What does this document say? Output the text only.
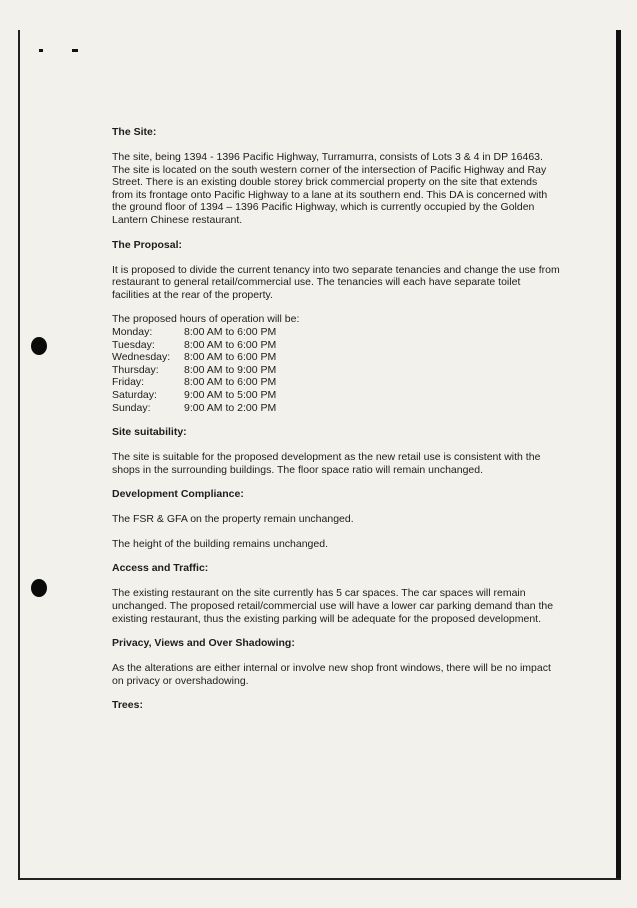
The Site:

The site, being 1394 - 1396 Pacific Highway, Turramurra, consists of Lots 3 & 4 in DP 16463. The site is located on the south western corner of the intersection of Pacific Highway and Ray Street. There is an existing double storey brick commercial property on the site that extends from its frontage onto Pacific Highway to a lane at its southern end. This DA is concerned with the ground floor of 1394 – 1396 Pacific Highway, which is currently occupied by the Golden Lantern Chinese restaurant.

The Proposal:

It is proposed to divide the current tenancy into two separate tenancies and change the use from restaurant to general retail/commercial use. The tenancies will each have separate toilet facilities at the rear of the property.

The proposed hours of operation will be:

Monday:	8:00 AM to 6:00 PM
Tuesday:	8:00 AM to 6:00 PM
Wednesday:	8:00 AM to 6:00 PM
Thursday:	8:00 AM to 9:00 PM
Friday:	8:00 AM to 6:00 PM
Saturday:	9:00 AM to 5:00 PM
Sunday:	9:00 AM to 2:00 PM
Site suitability:

The site is suitable for the proposed development as the new retail use is consistent with the shops in the surrounding buildings. The floor space ratio will remain unchanged.

Development Compliance:

The FSR & GFA on the property remain unchanged.

The height of the building remains unchanged.

Access and Traffic:

The existing restaurant on the site currently has 5 car spaces. The car spaces will remain unchanged. The proposed retail/commercial use will have a lower car parking demand than the existing restaurant, thus the existing parking will be adequate for the proposed development.

Privacy, Views and Over Shadowing:

As the alterations are either internal or involve new shop front windows, there will be no impact on privacy or overshadowing.

Trees:
